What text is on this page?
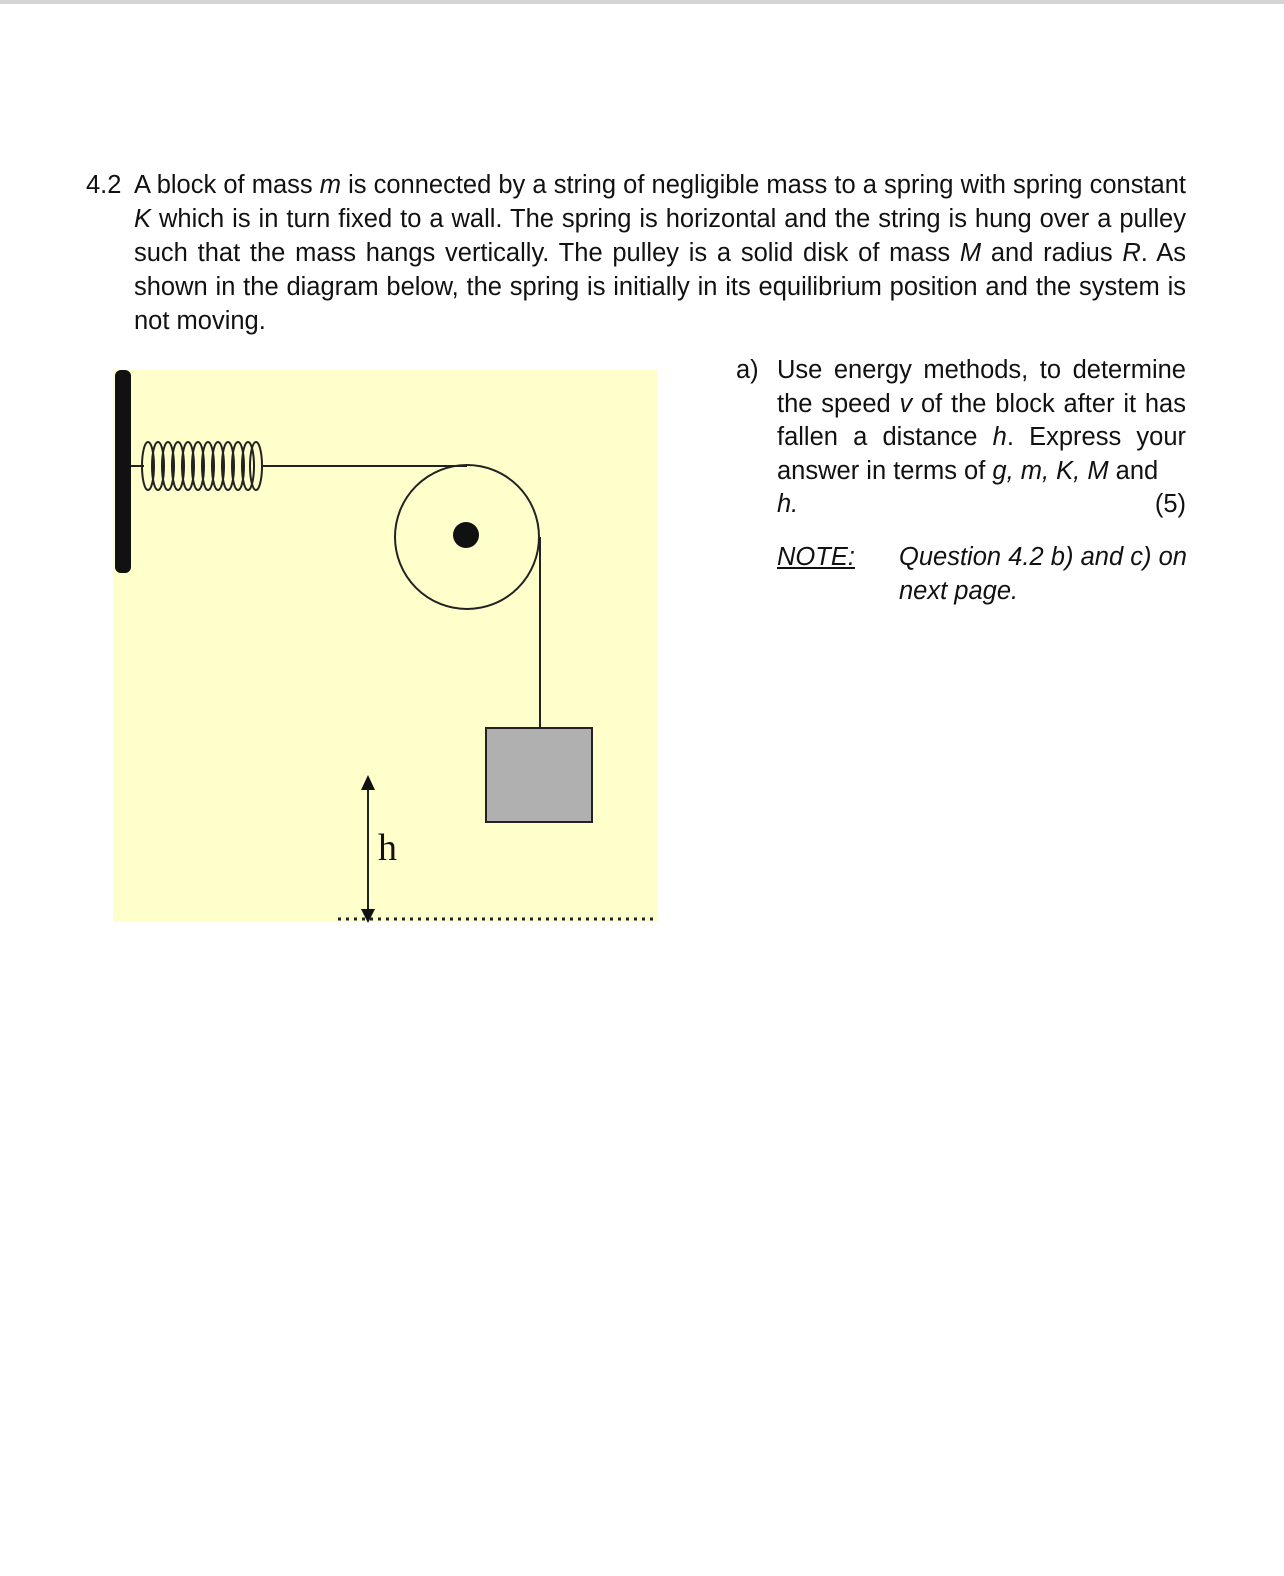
4.2 A block of mass m is connected by a string of negligible mass to a spring with spring constant K which is in turn fixed to a wall. The spring is horizontal and the string is hung over a pulley such that the mass hangs vertically. The pulley is a solid disk of mass M and radius R. As shown in the diagram below, the spring is initially in its equilibrium position and the system is not moving.
h
a) Use energy methods, to determine the speed v of the block after it has fallen a distance h. Express your answer in terms of g, m, K, M and
h.	(5)
NOTE: Question 4.2 b) and c) on next page.
